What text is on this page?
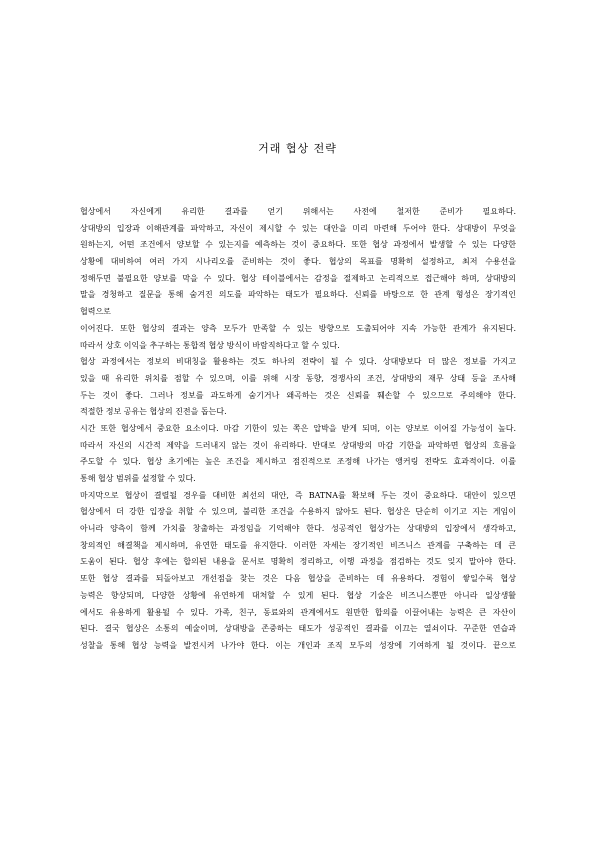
거래 협상 전략
협상에서 자신에게 유리한 결과를 얻기 위해서는 사전에 철저한 준비가 필요하다.
상대방의 입장과 이해관계를 파악하고, 자신이 제시할 수 있는 대안을 미리 마련해 두어야 한다. 상대방이 무엇을
원하는지, 어떤 조건에서 양보할 수 있는지를 예측하는 것이 중요하다. 또한 협상 과정에서 발생할 수 있는 다양한
상황에 대비하여 여러 가지 시나리오를 준비하는 것이 좋다. 협상의 목표를 명확히 설정하고, 최저 수용선을
정해두면 불필요한 양보를 막을 수 있다. 협상 테이블에서는 감정을 절제하고 논리적으로 접근해야 하며, 상대방의
말을 경청하고 질문을 통해 숨겨진 의도를 파악하는 태도가 필요하다. 신뢰를 바탕으로 한 관계 형성은 장기적인
협력으로
이어진다. 또한 협상의 결과는 양측 모두가 만족할 수 있는 방향으로 도출되어야 지속 가능한 관계가 유지된다.
따라서 상호 이익을 추구하는 통합적 협상 방식이 바람직하다고 할 수 있다.
협상 과정에서는 정보의 비대칭을 활용하는 것도 하나의 전략이 될 수 있다. 상대방보다 더 많은 정보를 가지고
있을 때 유리한 위치를 점할 수 있으며, 이를 위해 시장 동향, 경쟁사의 조건, 상대방의 재무 상태 등을 조사해
두는 것이 좋다. 그러나 정보를 과도하게 숨기거나 왜곡하는 것은 신뢰를 훼손할 수 있으므로 주의해야 한다.
적절한 정보 공유는 협상의 진전을 돕는다.
시간 또한 협상에서 중요한 요소이다. 마감 기한이 있는 쪽은 압박을 받게 되며, 이는 양보로 이어질 가능성이 높다.
따라서 자신의 시간적 제약을 드러내지 않는 것이 유리하다. 반대로 상대방의 마감 기한을 파악하면 협상의 흐름을
주도할 수 있다. 협상 초기에는 높은 조건을 제시하고 점진적으로 조정해 나가는 앵커링 전략도 효과적이다. 이를
통해 협상 범위를 설정할 수 있다.
마지막으로 협상이 결렬될 경우를 대비한 최선의 대안, 즉 BATNA를 확보해 두는 것이 중요하다. 대안이 있으면
협상에서 더 강한 입장을 취할 수 있으며, 불리한 조건을 수용하지 않아도 된다. 협상은 단순히 이기고 지는 게임이
아니라 양측이 함께 가치를 창출하는 과정임을 기억해야 한다. 성공적인 협상가는 상대방의 입장에서 생각하고,
창의적인 해결책을 제시하며, 유연한 태도를 유지한다. 이러한 자세는 장기적인 비즈니스 관계를 구축하는 데 큰
도움이 된다. 협상 후에는 합의된 내용을 문서로 명확히 정리하고, 이행 과정을 점검하는 것도 잊지 말아야 한다.
또한 협상 결과를 되돌아보고 개선점을 찾는 것은 다음 협상을 준비하는 데 유용하다. 경험이 쌓일수록 협상
능력은 향상되며, 다양한 상황에 유연하게 대처할 수 있게 된다. 협상 기술은 비즈니스뿐만 아니라 일상생활
에서도 유용하게 활용될 수 있다. 가족, 친구, 동료와의 관계에서도 원만한 합의를 이끌어내는 능력은 큰 자산이
된다. 결국 협상은 소통의 예술이며, 상대방을 존중하는 태도가 성공적인 결과를 이끄는 열쇠이다. 꾸준한 연습과
성찰을 통해 협상 능력을 발전시켜 나가야 한다. 이는 개인과 조직 모두의 성장에 기여하게 될 것이다. 끝으로
